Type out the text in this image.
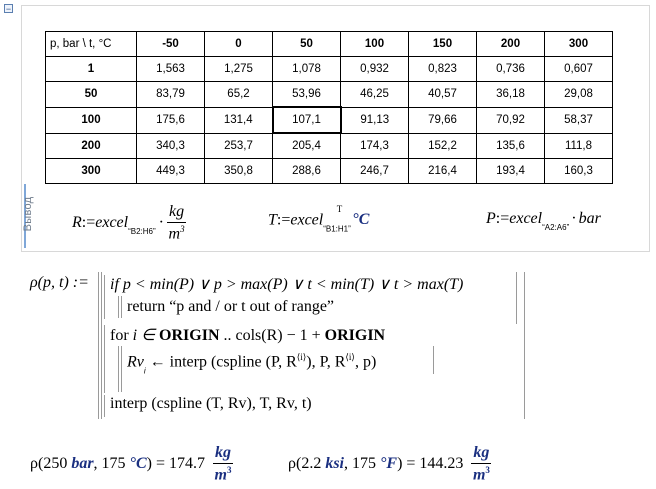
−
Вывод
p, bar \ t, °C	-50	0	50	100	150	200	300
1	1,563	1,275	1,078	0,932	0,823	0,736	0,607
50	83,79	65,2	53,96	46,25	40,57	36,18	29,08
100	175,6	131,4	107,1	91,13	79,66	70,92	58,37
200	340,3	253,7	205,4	174,3	152,2	135,6	111,8
300	449,3	350,8	288,6	246,7	216,4	193,4	160,3
R:=excel$_{“B2:H6”}$· $\frac{kg}{m^3}$	T:=excel$_{“B1:H1”}^T$°C	P:=excel$_{“A2:A6”}$· bar
ρ(p, t) := if p < min(P) ∨ p > max(P) ∨ t < min(T) ∨ t > max(T)
return “p and / or t out of range”
for i ∈ ORIGIN .. cols(R) − 1 + ORIGIN
$Rv_i$ ← interp (cspline (P, $R^{⟨i⟩}$), P, $R^{⟨i⟩}$, p)
interp (cspline (T, Rv), T, Rv, t)
ρ(250 bar, 175 $^\circ C) = 174.7 \frac{kg}{m^3}$	ρ(2.2 ksi, 175 $^\circ F) = 144.23 \frac{kg}{m^3}$
